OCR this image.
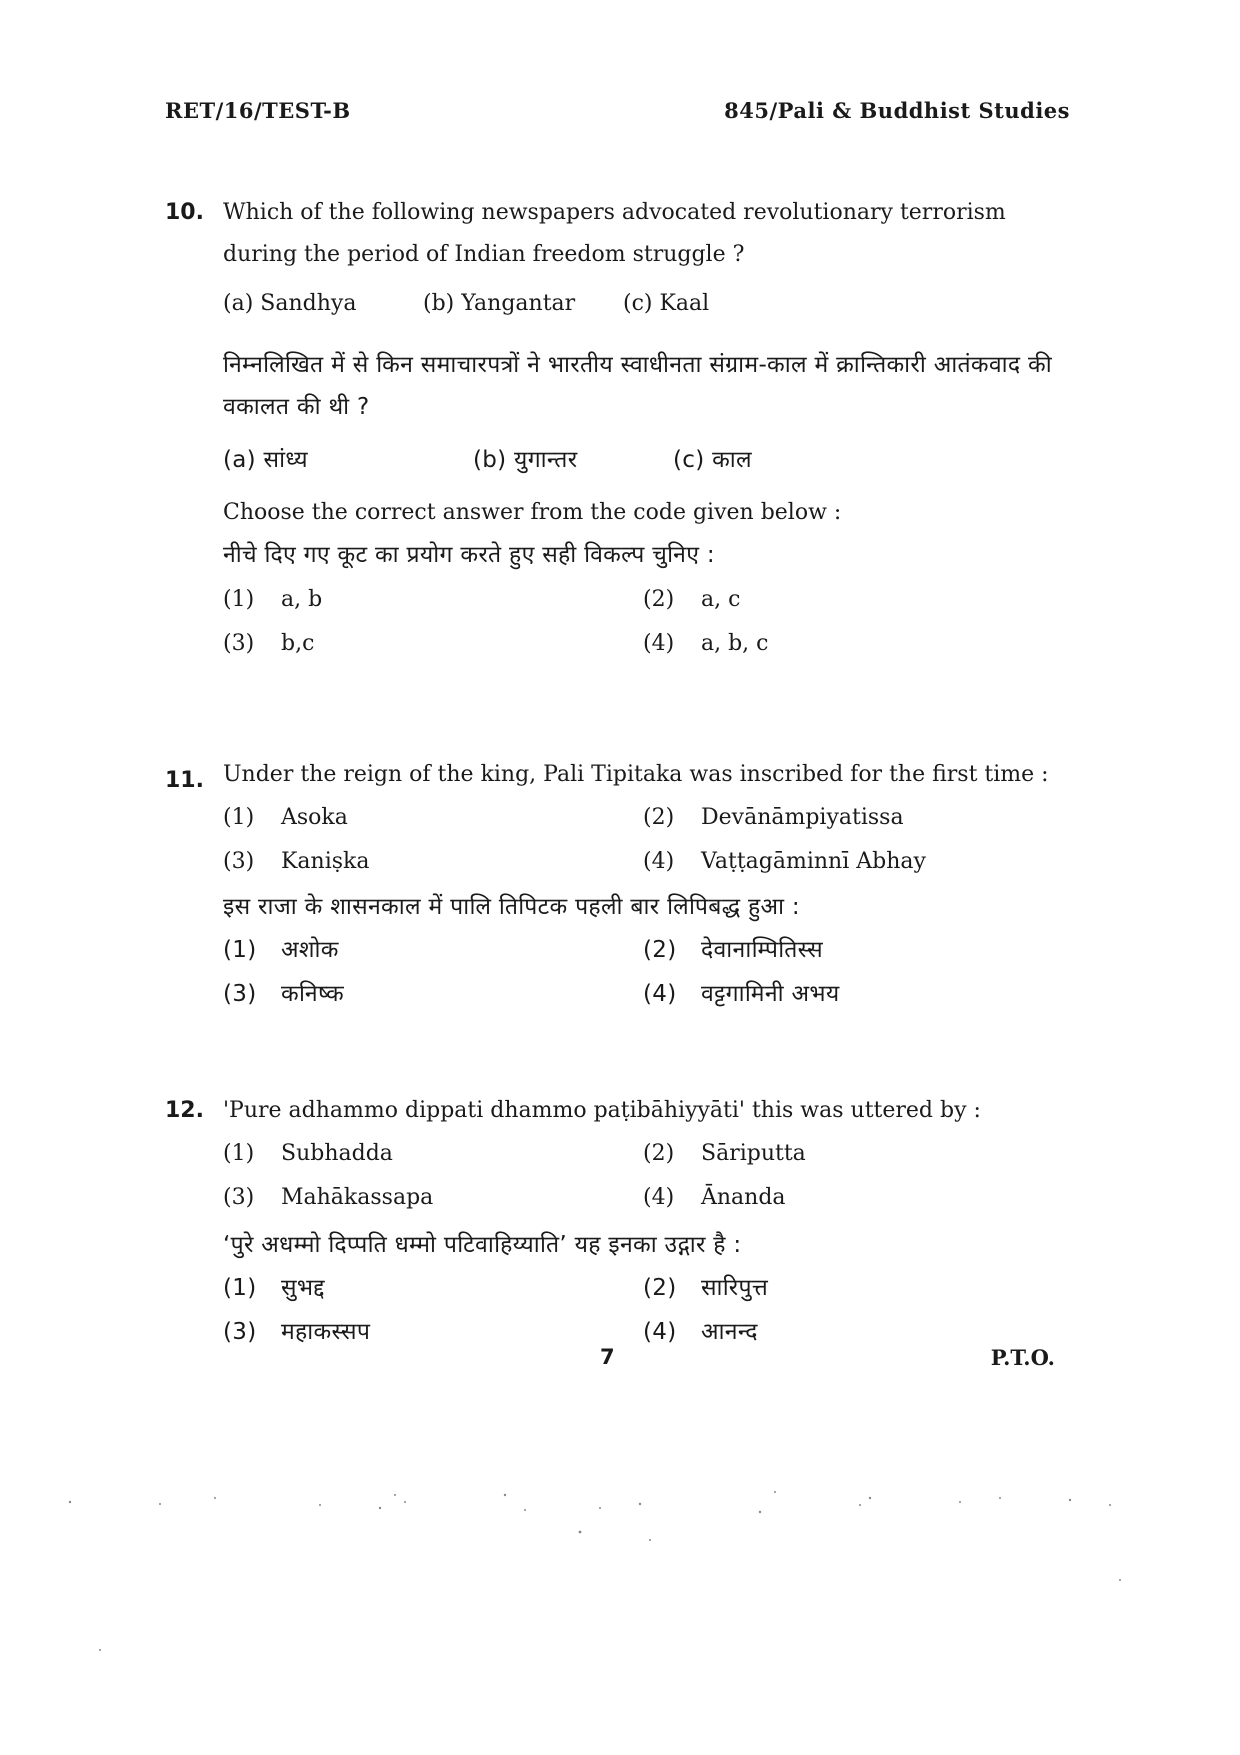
RET/16/TEST-B	845/Pali & Buddhist Studies
10. Which of the following newspapers advocated revolutionary terrorism during the period of Indian freedom struggle ?
(a) Sandhya	(b) Yangantar	(c) Kaal
निम्नलिखित में से किन समाचारपत्रों ने भारतीय स्वाधीनता संग्राम-काल में क्रान्तिकारी आतंकवाद की वकालत की थी ?
(a) सांध्य	(b) युगान्तर	(c) काल
Choose the correct answer from the code given below :
नीचे दिए गए कूट का प्रयोग करते हुए सही विकल्प चुनिए :
(1)	a, b	(2)	a, c
(3)	b,c	(4)	a, b, c
11. Under the reign of the king, Pali Tipitaka was inscribed for the first time :
(1)	Asoka	(2)	Devānāmpiyatissa
(3)	Kaniṣka	(4)	Vaṭṭagāminnī Abhay
इस राजा के शासनकाल में पालि तिपिटक पहली बार लिपिबद्ध हुआ :
(1)	अशोक	(2)	देवानाम्पितिस्स
(3)	कनिष्क	(4)	वट्टगामिनी अभय
12. 'Pure adhammo dippati dhammo paṭibāhiyyāti' this was uttered by :
(1)	Subhadda	(2)	Sāriputta
(3)	Mahākassapa	(4)	Ānanda
‘पुरे अधम्मो दिप्पति धम्मो पटिवाहिय्याति’ यह इनका उद्गार है :
(1)	सुभद्द	(2)	सारिपुत्त
(3)	महाकस्सप	(4)	आनन्द
7	P.T.O.
